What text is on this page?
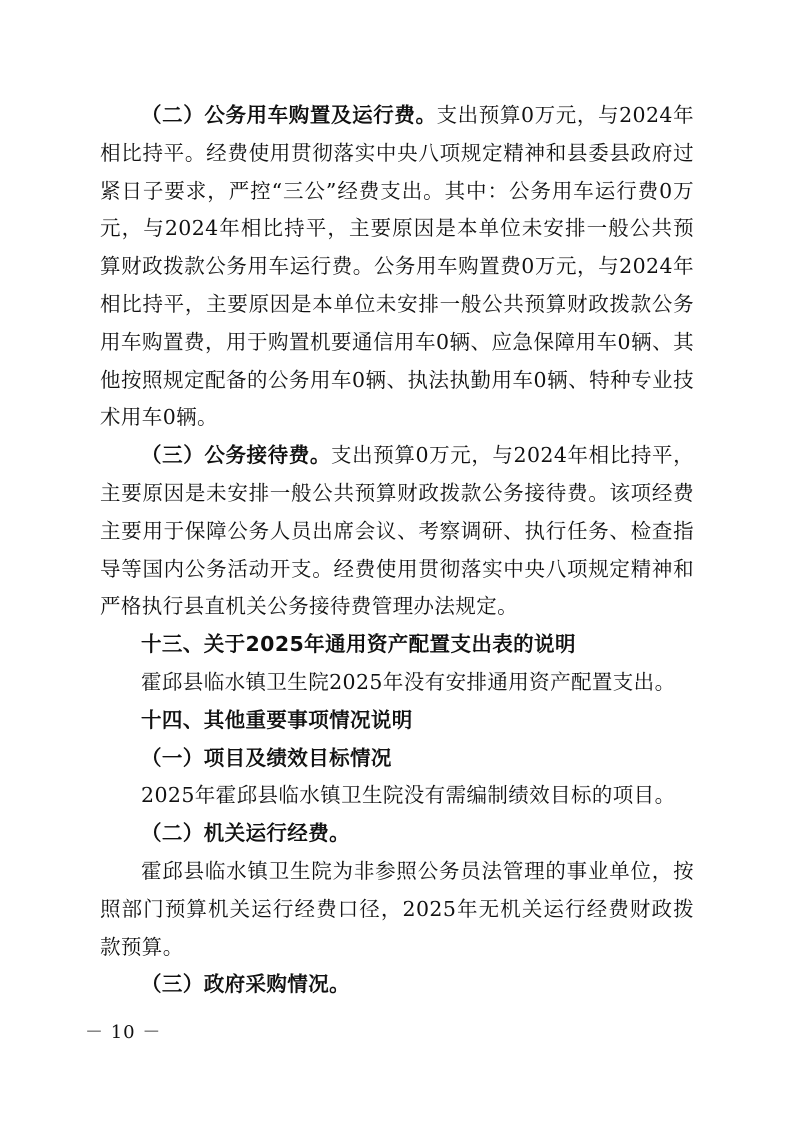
（二）公务用车购置及运行费。支出预算0万元，与2024年相比持平。经费使用贯彻落实中央八项规定精神和县委县政府过紧日子要求，严控“三公”经费支出。其中：公务用车运行费0万元，与2024年相比持平，主要原因是本单位未安排一般公共预算财政拨款公务用车运行费。公务用车购置费0万元，与2024年相比持平，主要原因是本单位未安排一般公共预算财政拨款公务用车购置费，用于购置机要通信用车0辆、应急保障用车0辆、其他按照规定配备的公务用车0辆、执法执勤用车0辆、特种专业技术用车0辆。

（三）公务接待费。支出预算0万元，与2024年相比持平，主要原因是未安排一般公共预算财政拨款公务接待费。该项经费主要用于保障公务人员出席会议、考察调研、执行任务、检查指导等国内公务活动开支。经费使用贯彻落实中央八项规定精神和严格执行县直机关公务接待费管理办法规定。

十三、关于2025年通用资产配置支出表的说明

霍邱县临水镇卫生院2025年没有安排通用资产配置支出。

十四、其他重要事项情况说明

（一）项目及绩效目标情况

2025年霍邱县临水镇卫生院没有需编制绩效目标的项目。

（二）机关运行经费。

霍邱县临水镇卫生院为非参照公务员法管理的事业单位，按照部门预算机关运行经费口径，2025年无机关运行经费财政拨款预算。

（三）政府采购情况。

－ 10 －
